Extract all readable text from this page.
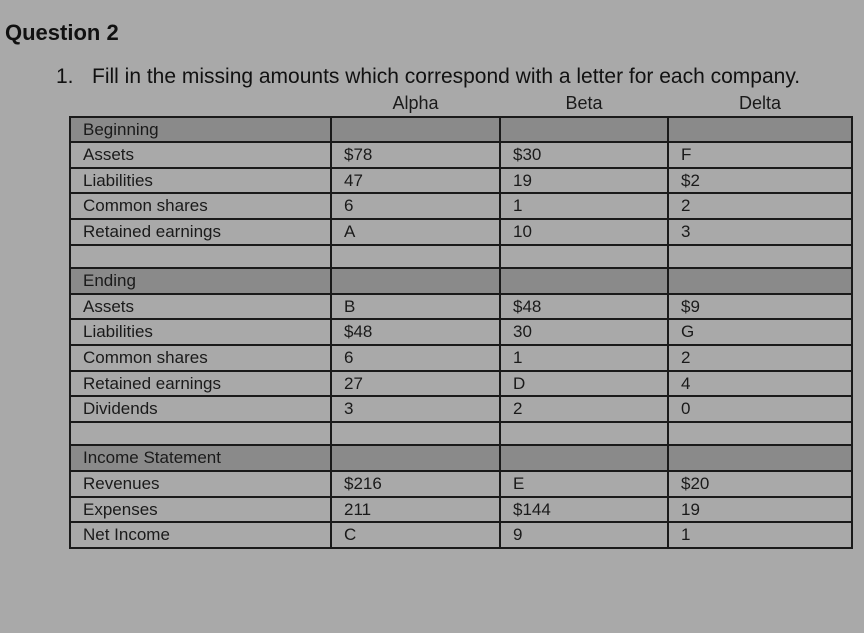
Question 2
1. Fill in the missing amounts which correspond with a letter for each company.
	Alpha	Beta	Delta
Beginning			
Assets	$78	$30	F
Liabilities	47	19	$2
Common shares	6	1	2
Retained earnings	A	10	3

Ending			
Assets	B	$48	$9
Liabilities	$48	30	G
Common shares	6	1	2
Retained earnings	27	D	4
Dividends	3	2	0

Income Statement			
Revenues	$216	E	$20
Expenses	211	$144	19
Net Income	C	9	1
